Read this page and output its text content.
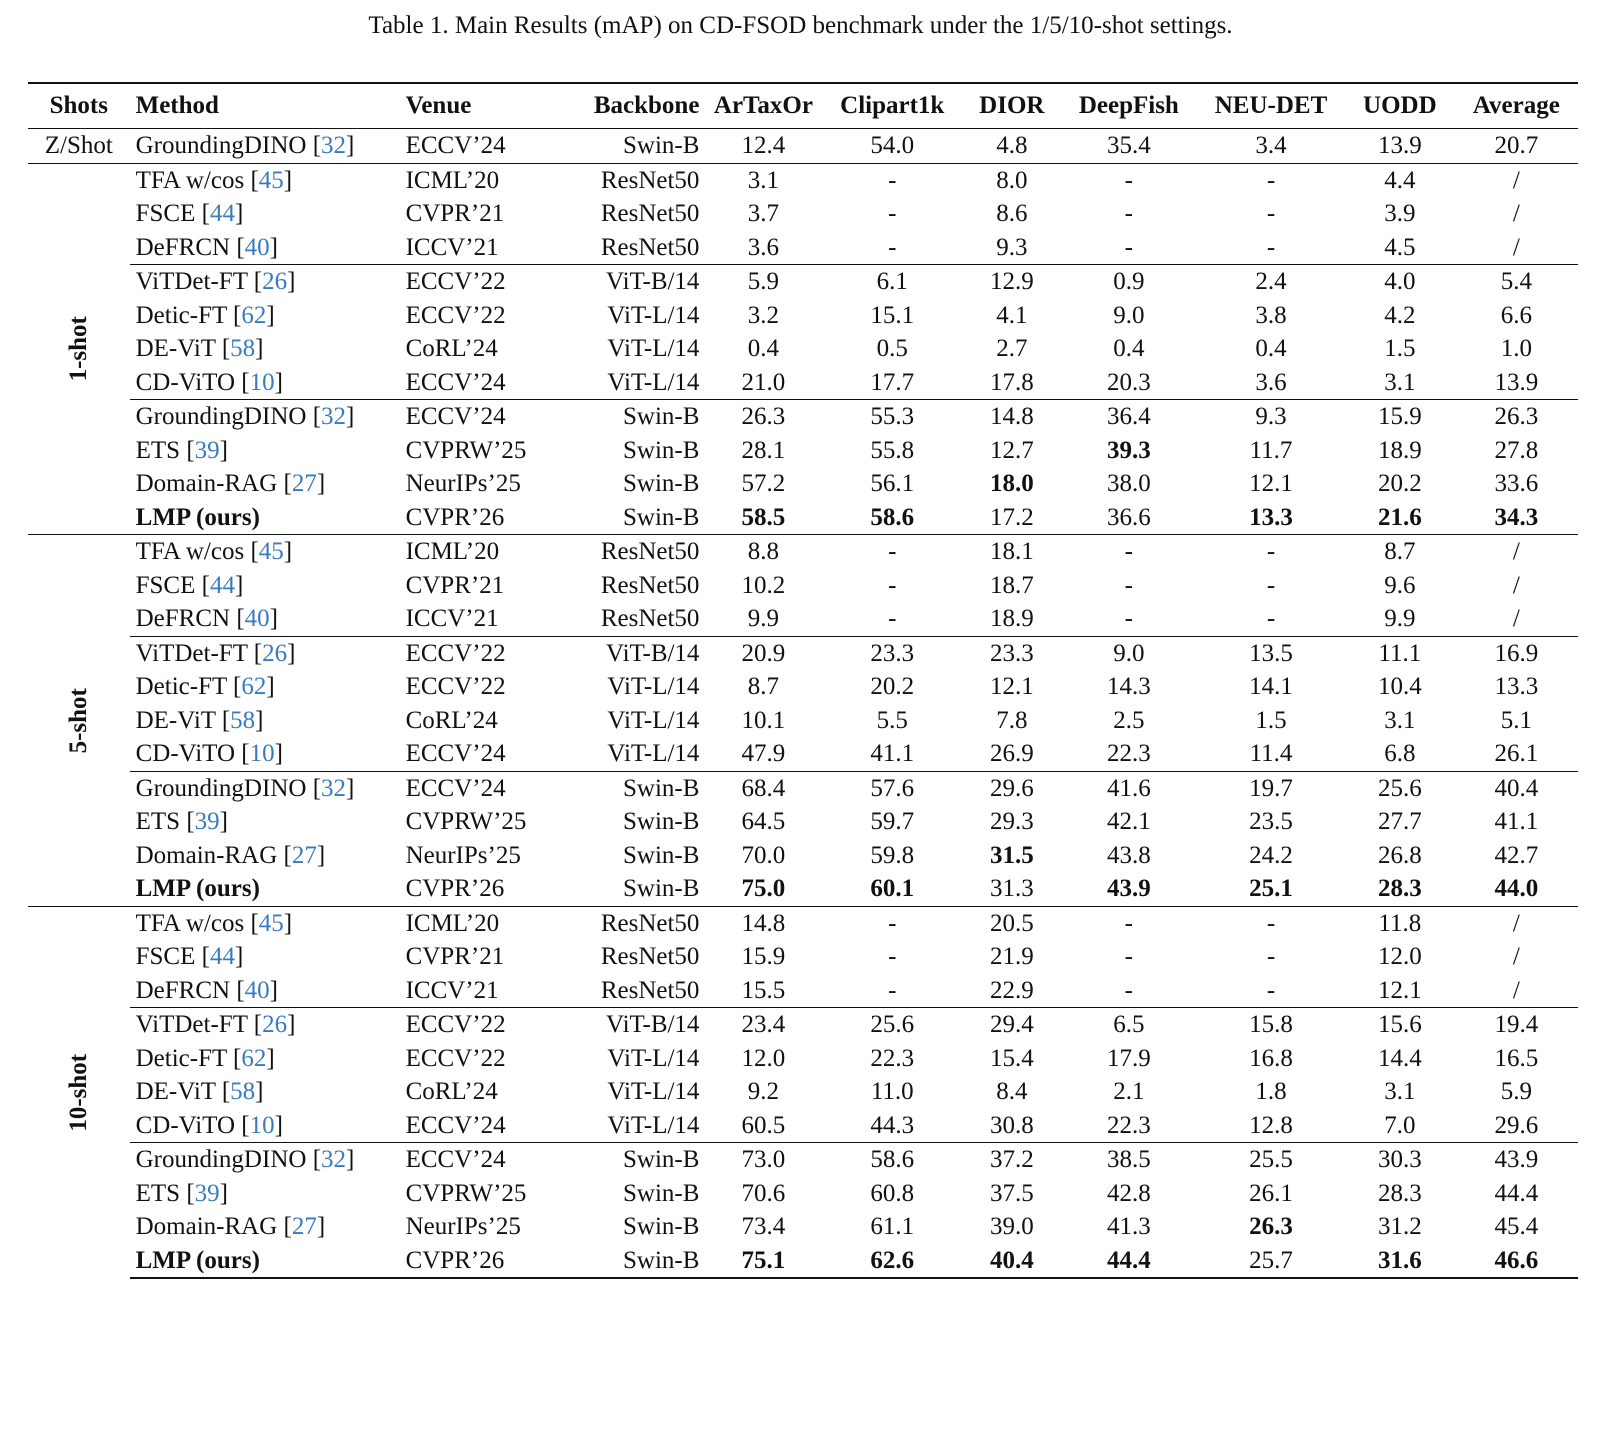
Table 1. Main Results (mAP) on CD-FSOD benchmark under the 1/5/10-shot settings.
Shots	Method	Venue	Backbone	ArTaxOr	Clipart1k	DIOR	DeepFish	NEU-DET	UODD	Average
Z/Shot	GroundingDINO [32]	ECCV’24	Swin-B	12.4	54.0	4.8	35.4	3.4	13.9	20.7
1-shot	TFA w/cos [45]	ICML’20	ResNet50	3.1	-	8.0	-	-	4.4	/
	FSCE [44]	CVPR’21	ResNet50	3.7	-	8.6	-	-	3.9	/
	DeFRCN [40]	ICCV’21	ResNet50	3.6	-	9.3	-	-	4.5	/
	ViTDet-FT [26]	ECCV’22	ViT-B/14	5.9	6.1	12.9	0.9	2.4	4.0	5.4
	Detic-FT [62]	ECCV’22	ViT-L/14	3.2	15.1	4.1	9.0	3.8	4.2	6.6
	DE-ViT [58]	CoRL’24	ViT-L/14	0.4	0.5	2.7	0.4	0.4	1.5	1.0
	CD-ViTO [10]	ECCV’24	ViT-L/14	21.0	17.7	17.8	20.3	3.6	3.1	13.9
	GroundingDINO [32]	ECCV’24	Swin-B	26.3	55.3	14.8	36.4	9.3	15.9	26.3
	ETS [39]	CVPRW’25	Swin-B	28.1	55.8	12.7	39.3	11.7	18.9	27.8
	Domain-RAG [27]	NeurIPs’25	Swin-B	57.2	56.1	18.0	38.0	12.1	20.2	33.6
	LMP (ours)	CVPR’26	Swin-B	58.5	58.6	17.2	36.6	13.3	21.6	34.3
5-shot	TFA w/cos [45]	ICML’20	ResNet50	8.8	-	18.1	-	-	8.7	/
	FSCE [44]	CVPR’21	ResNet50	10.2	-	18.7	-	-	9.6	/
	DeFRCN [40]	ICCV’21	ResNet50	9.9	-	18.9	-	-	9.9	/
	ViTDet-FT [26]	ECCV’22	ViT-B/14	20.9	23.3	23.3	9.0	13.5	11.1	16.9
	Detic-FT [62]	ECCV’22	ViT-L/14	8.7	20.2	12.1	14.3	14.1	10.4	13.3
	DE-ViT [58]	CoRL’24	ViT-L/14	10.1	5.5	7.8	2.5	1.5	3.1	5.1
	CD-ViTO [10]	ECCV’24	ViT-L/14	47.9	41.1	26.9	22.3	11.4	6.8	26.1
	GroundingDINO [32]	ECCV’24	Swin-B	68.4	57.6	29.6	41.6	19.7	25.6	40.4
	ETS [39]	CVPRW’25	Swin-B	64.5	59.7	29.3	42.1	23.5	27.7	41.1
	Domain-RAG [27]	NeurIPs’25	Swin-B	70.0	59.8	31.5	43.8	24.2	26.8	42.7
	LMP (ours)	CVPR’26	Swin-B	75.0	60.1	31.3	43.9	25.1	28.3	44.0
10-shot	TFA w/cos [45]	ICML’20	ResNet50	14.8	-	20.5	-	-	11.8	/
	FSCE [44]	CVPR’21	ResNet50	15.9	-	21.9	-	-	12.0	/
	DeFRCN [40]	ICCV’21	ResNet50	15.5	-	22.9	-	-	12.1	/
	ViTDet-FT [26]	ECCV’22	ViT-B/14	23.4	25.6	29.4	6.5	15.8	15.6	19.4
	Detic-FT [62]	ECCV’22	ViT-L/14	12.0	22.3	15.4	17.9	16.8	14.4	16.5
	DE-ViT [58]	CoRL’24	ViT-L/14	9.2	11.0	8.4	2.1	1.8	3.1	5.9
	CD-ViTO [10]	ECCV’24	ViT-L/14	60.5	44.3	30.8	22.3	12.8	7.0	29.6
	GroundingDINO [32]	ECCV’24	Swin-B	73.0	58.6	37.2	38.5	25.5	30.3	43.9
	ETS [39]	CVPRW’25	Swin-B	70.6	60.8	37.5	42.8	26.1	28.3	44.4
	Domain-RAG [27]	NeurIPs’25	Swin-B	73.4	61.1	39.0	41.3	26.3	31.2	45.4
	LMP (ours)	CVPR’26	Swin-B	75.1	62.6	40.4	44.4	25.7	31.6	46.6
